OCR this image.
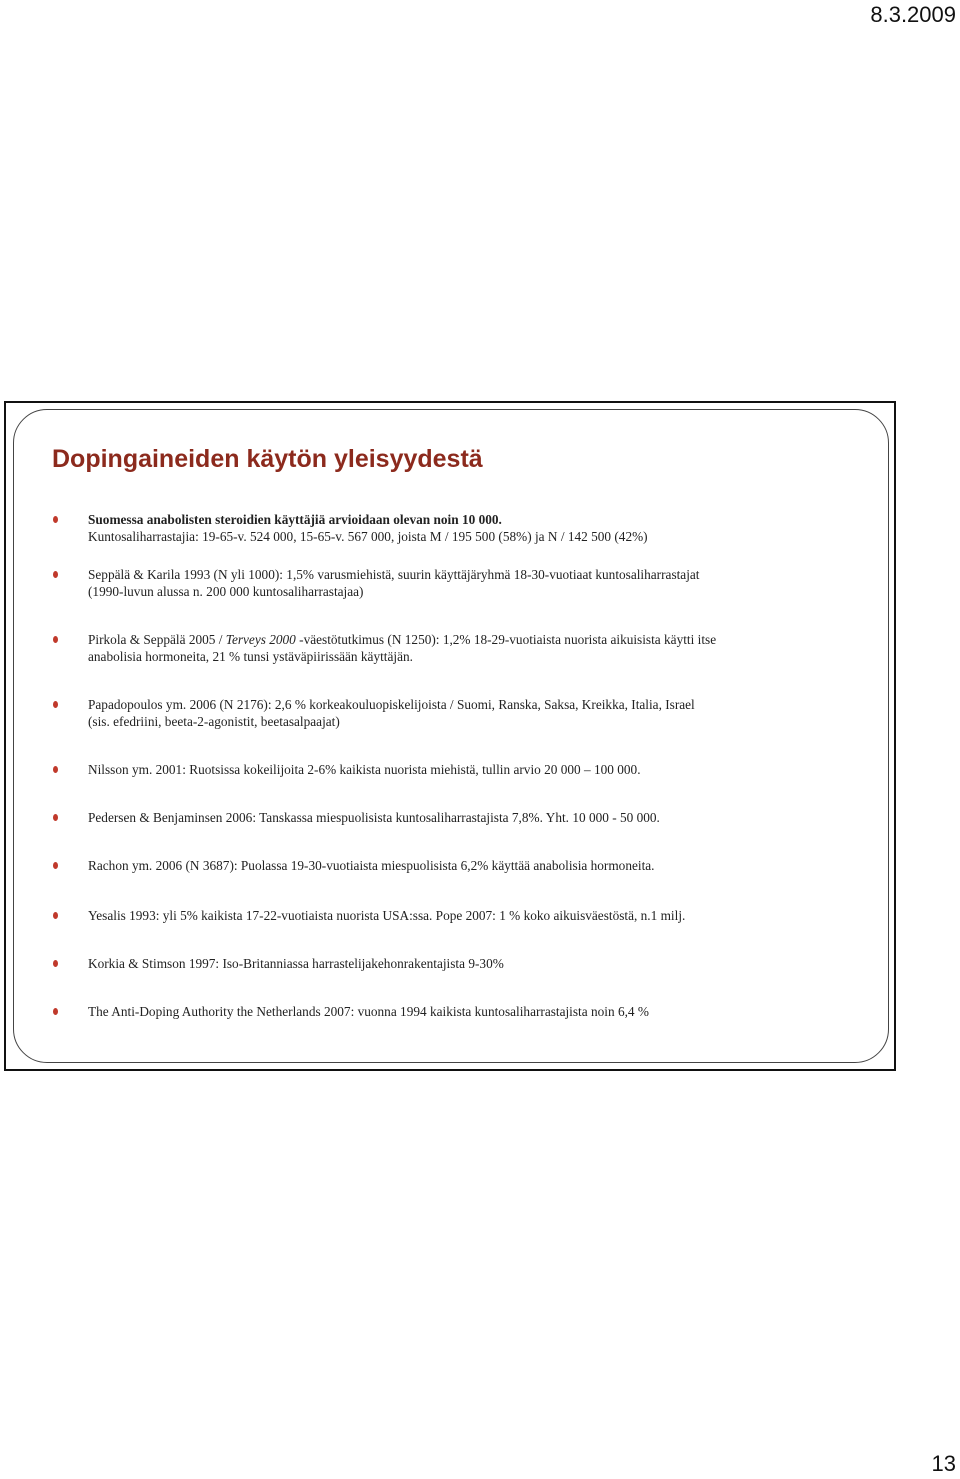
8.3.2009
Dopingaineiden käytön yleisyydestä
Suomessa anabolisten steroidien käyttäjiä arvioidaan olevan noin 10 000.
Kuntosaliharrastajia: 19-65-v. 524 000, 15-65-v. 567 000, joista M / 195 500 (58%) ja N / 142 500 (42%)
Seppälä & Karila 1993 (N yli 1000): 1,5% varusmiehistä, suurin käyttäjäryhmä 18-30-vuotiaat kuntosaliharrastajat
(1990-luvun alussa n. 200 000 kuntosaliharrastajaa)
Pirkola & Seppälä 2005 / Terveys 2000 -väestötutkimus (N 1250): 1,2% 18-29-vuotiaista nuorista aikuisista käytti itse
anabolisia hormoneita, 21 % tunsi ystäväpiirissään käyttäjän.
Papadopoulos ym. 2006 (N 2176): 2,6 % korkeakouluopiskelijoista / Suomi, Ranska, Saksa, Kreikka, Italia, Israel
(sis. efedriini, beeta-2-agonistit, beetasalpaajat)
Nilsson ym. 2001: Ruotsissa kokeilijoita 2-6% kaikista nuorista miehistä, tullin arvio 20 000 – 100 000.
Pedersen & Benjaminsen 2006: Tanskassa miespuolisista kuntosaliharrastajista 7,8%. Yht. 10 000 - 50 000.
Rachon ym. 2006 (N 3687): Puolassa 19-30-vuotiaista miespuolisista 6,2% käyttää anabolisia hormoneita.
Yesalis 1993: yli 5% kaikista 17-22-vuotiaista nuorista USA:ssa. Pope 2007: 1 % koko aikuisväestöstä, n.1 milj.
Korkia & Stimson 1997: Iso-Britanniassa harrastelijakehonrakentajista 9-30%
The Anti-Doping Authority the Netherlands 2007: vuonna 1994 kaikista kuntosaliharrastajista noin 6,4 %
13
